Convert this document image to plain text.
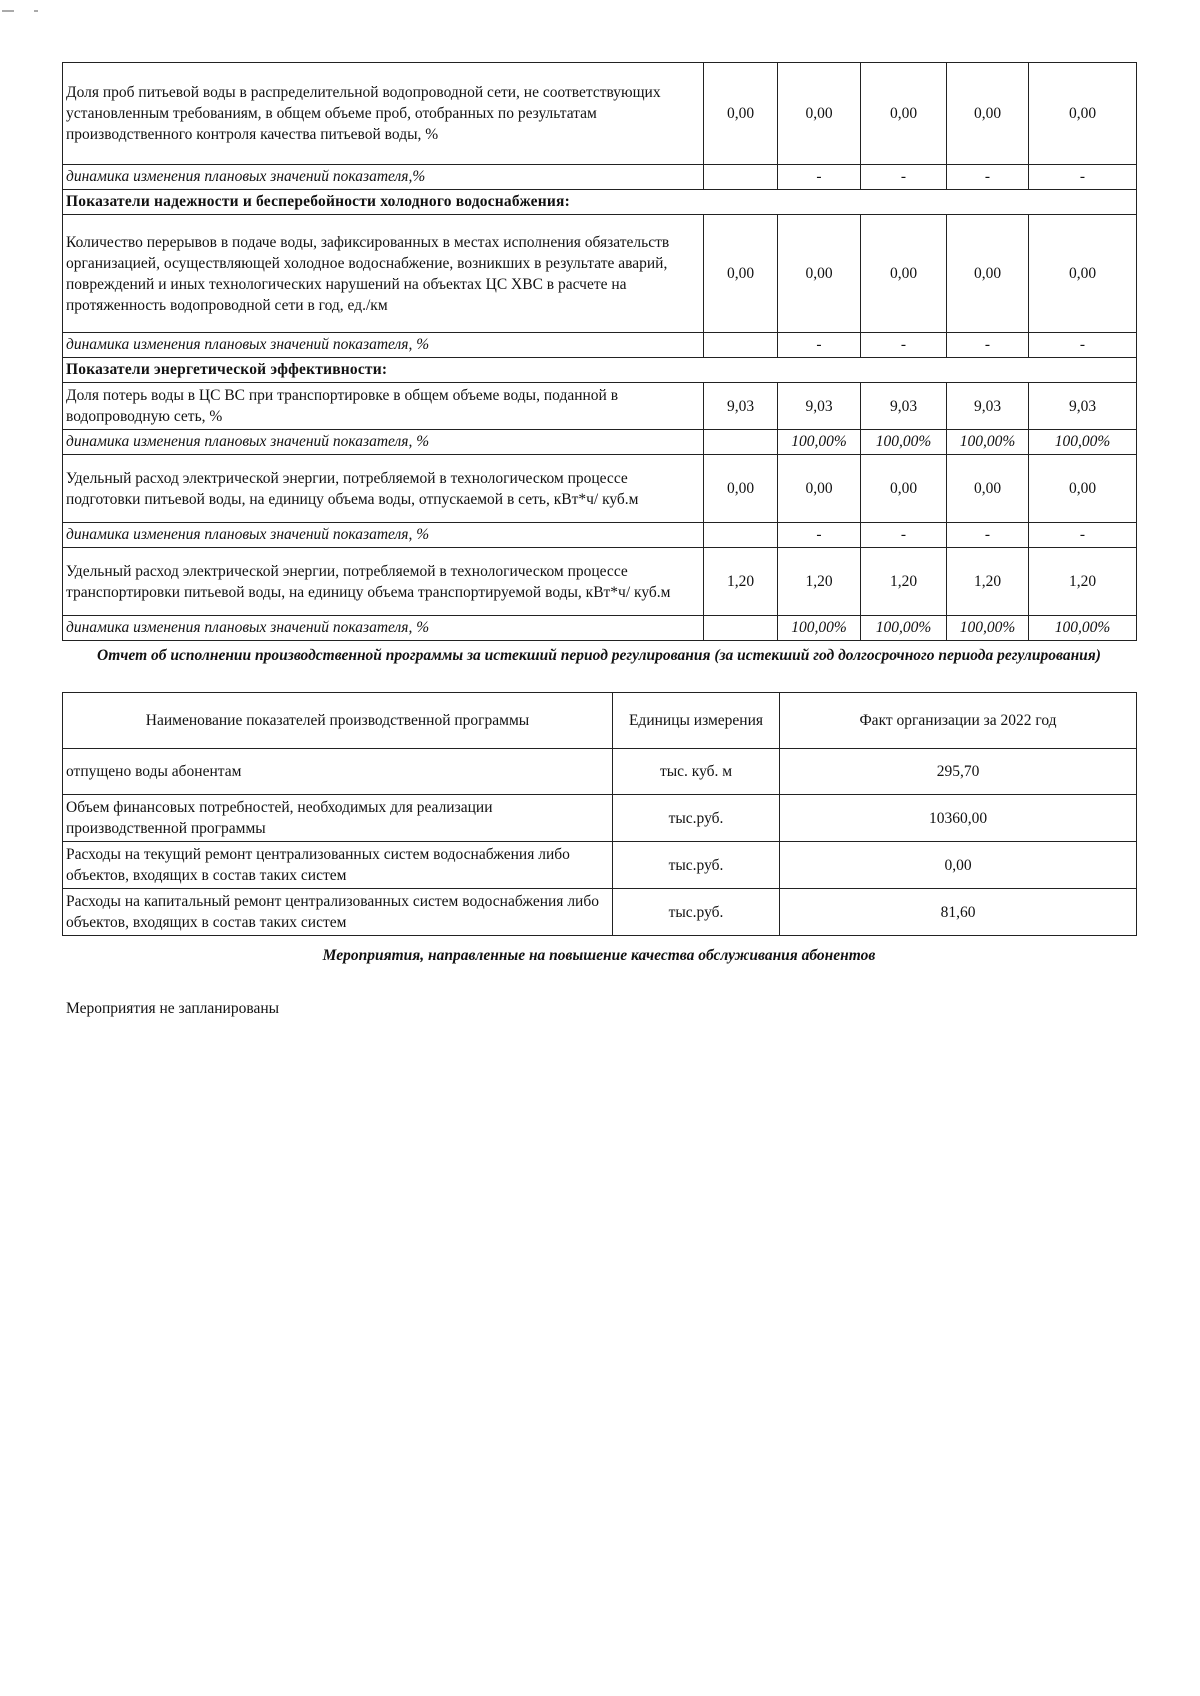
Доля проб питьевой воды в распределительной водопроводной сети, не соответствующих установленным требованиям, в общем объеме проб, отобранных по результатам производственного контроля качества питьевой воды, %	0,00	0,00	0,00	0,00	0,00
динамика изменения плановых значений показателя,%		-	-	-	-
Показатели надежности и бесперебойности холодного водоснабжения:					
Количество перерывов в подаче воды, зафиксированных в местах исполнения обязательств организацией, осуществляющей холодное водоснабжение, возникших в результате аварий, повреждений и иных технологических нарушений на объектах ЦС ХВС в расчете на протяженность водопроводной сети в год, ед./км	0,00	0,00	0,00	0,00	0,00
динамика изменения плановых значений показателя, %		-	-	-	-
Показатели энергетической эффективности:					
Доля потерь воды в ЦС ВС при транспортировке в общем объеме воды, поданной в водопроводную сеть, %	9,03	9,03	9,03	9,03	9,03
динамика изменения плановых значений показателя, %		100,00%	100,00%	100,00%	100,00%
Удельный расход электрической энергии, потребляемой в технологическом процессе подготовки питьевой воды, на единицу объема воды, отпускаемой в сеть, кВт*ч/ куб.м	0,00	0,00	0,00	0,00	0,00
динамика изменения плановых значений показателя, %		-	-	-	-
Удельный расход электрической энергии, потребляемой в технологическом процессе транспортировки питьевой воды, на единицу объема транспортируемой воды, кВт*ч/ куб.м	1,20	1,20	1,20	1,20	1,20
динамика изменения плановых значений показателя, %		100,00%	100,00%	100,00%	100,00%
Отчет об исполнении производственной программы за истекший период регулирования (за истекший год долгосрочного периода регулирования)
Наименование показателей производственной программы	Единицы измерения	Факт организации за 2022 год
отпущено воды абонентам	тыс. куб. м	295,70
Объем финансовых потребностей, необходимых для реализации производственной программы	тыс.руб.	10360,00
Расходы на текущий ремонт централизованных систем водоснабжения либо объектов, входящих в состав таких систем	тыс.руб.	0,00
Расходы на капитальный ремонт централизованных систем водоснабжения либо объектов, входящих в состав таких систем	тыс.руб.	81,60
Мероприятия, направленные на повышение качества обслуживания абонентов
Мероприятия не запланированы
